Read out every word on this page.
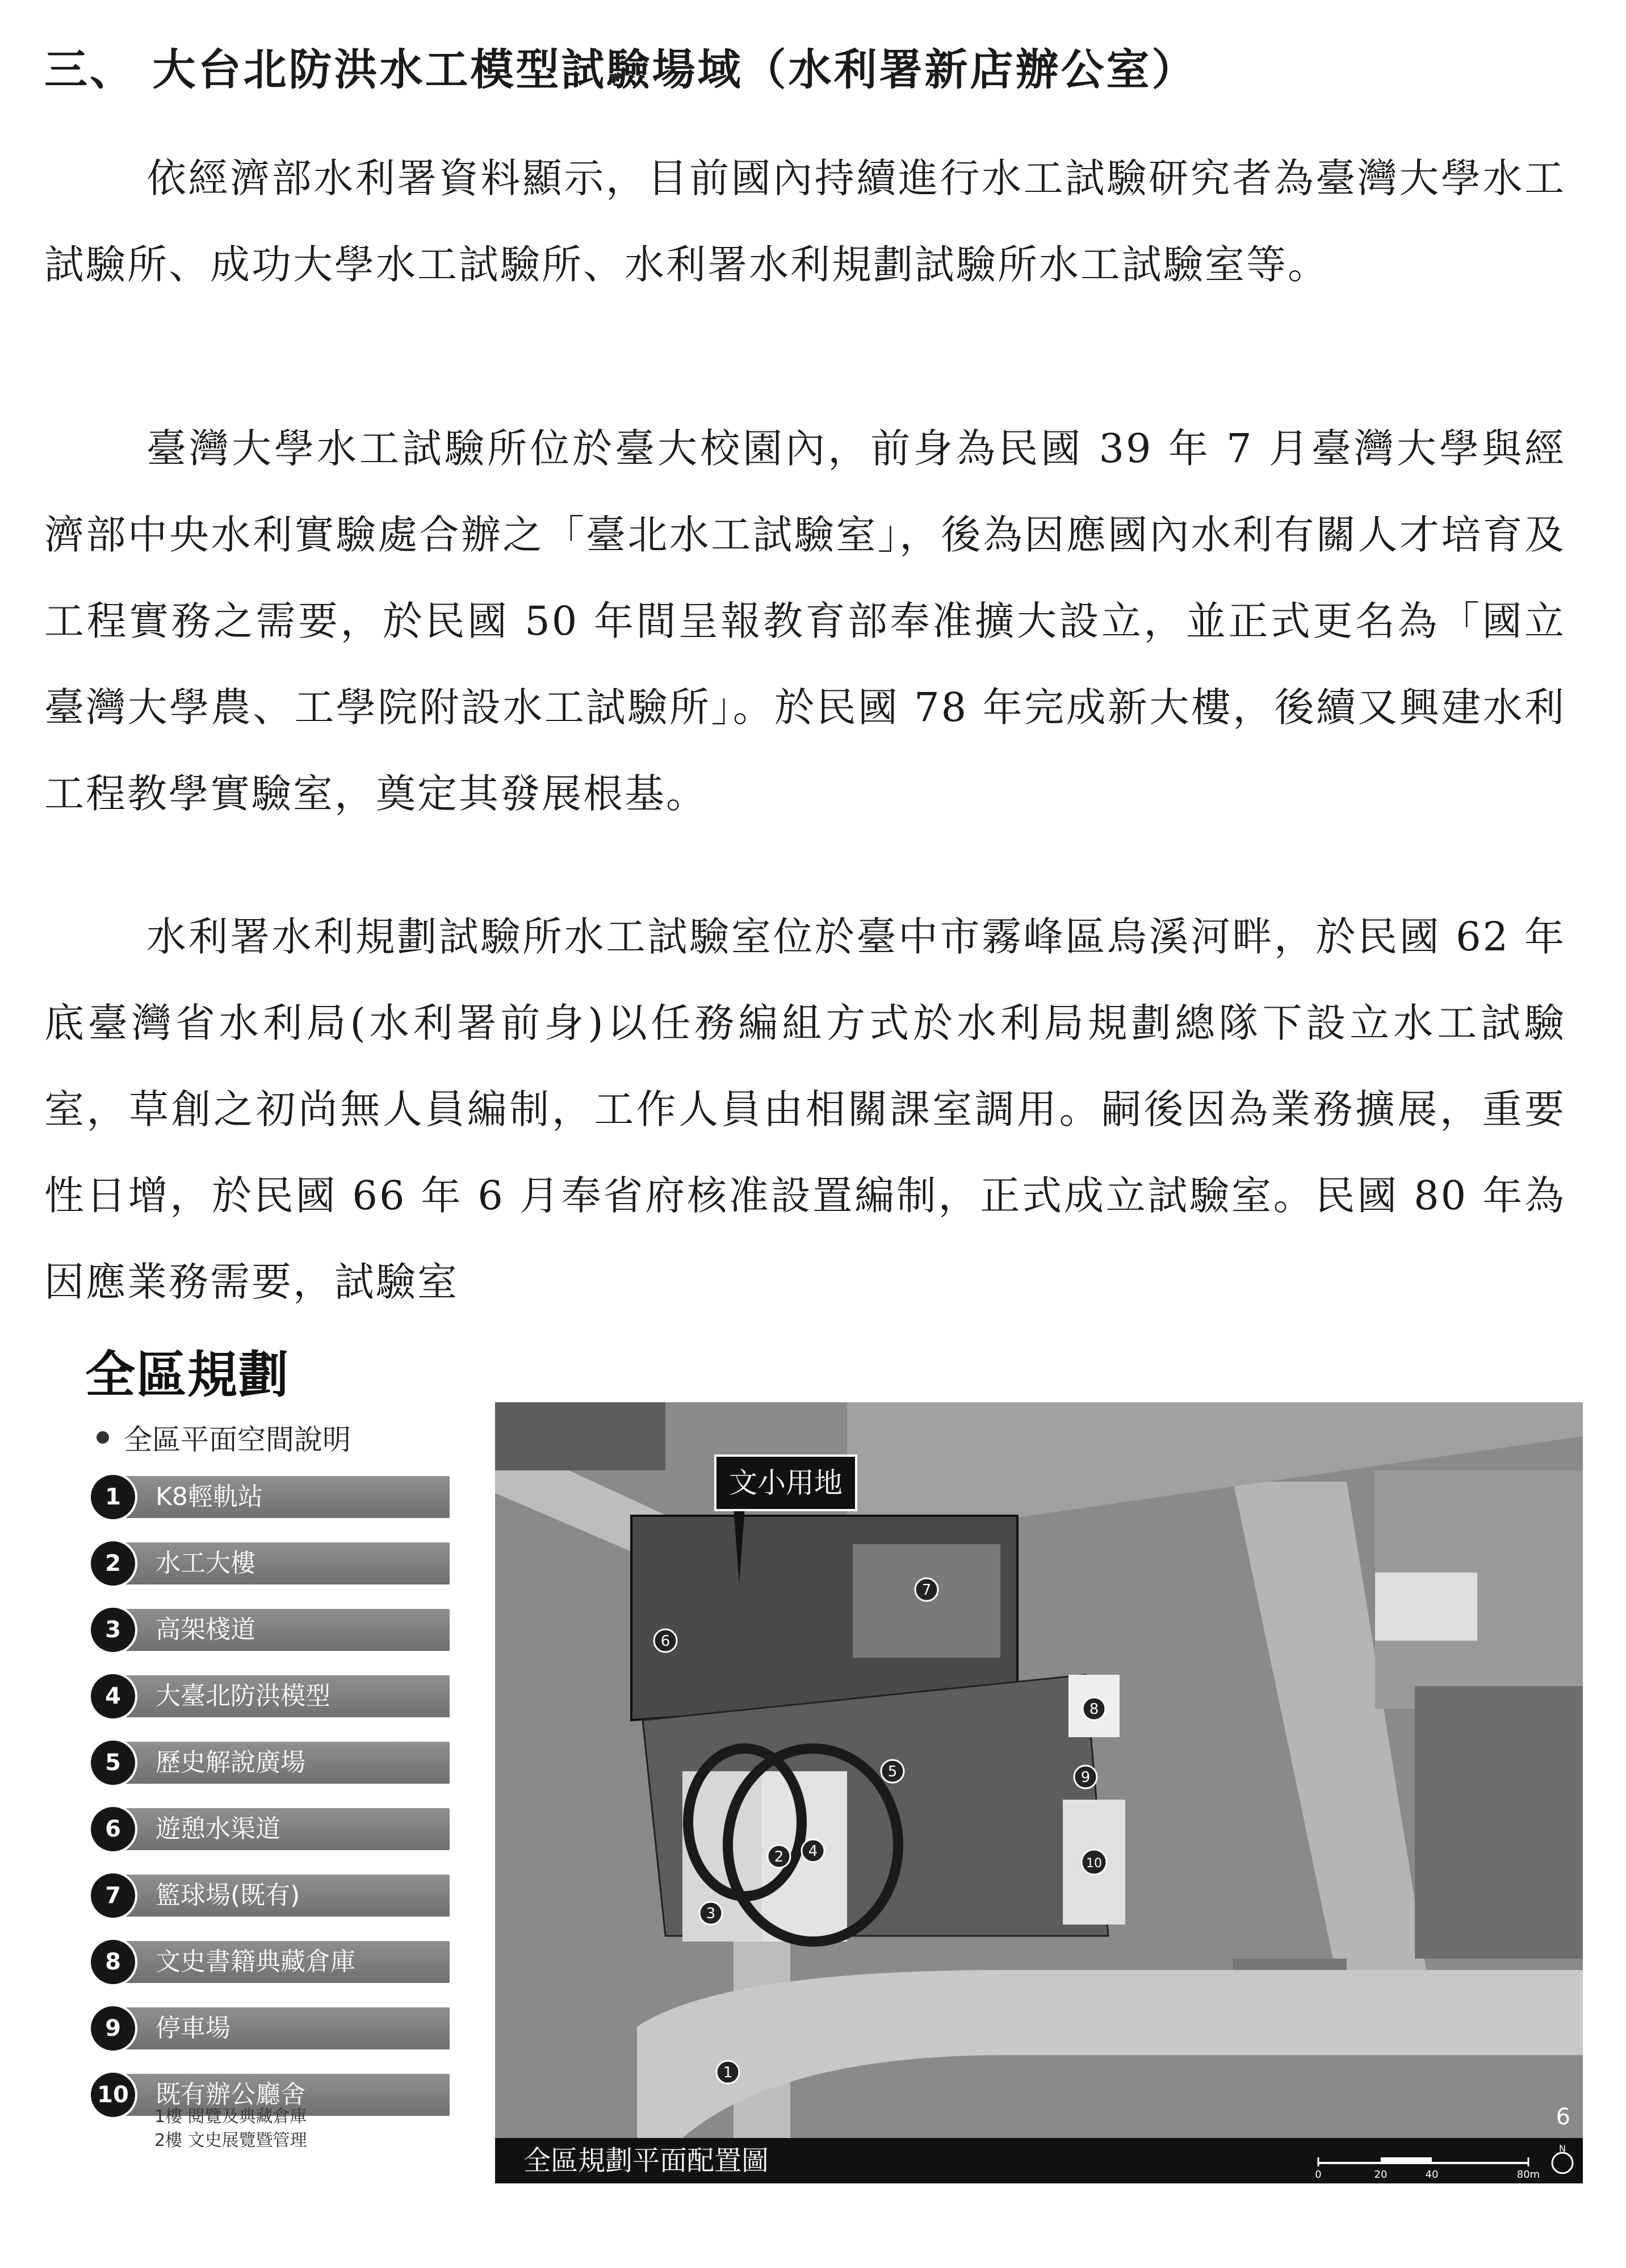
三、 大台北防洪水工模型試驗場域（水利署新店辦公室）

依經濟部水利署資料顯示，目前國內持續進行水工試驗研究者為臺灣大學水工試驗所、成功大學水工試驗所、水利署水利規劃試驗所水工試驗室等。

臺灣大學水工試驗所位於臺大校園內，前身為民國 39 年 7 月臺灣大學與經濟部中央水利實驗處合辦之「臺北水工試驗室」，後為因應國內水利有關人才培育及工程實務之需要，於民國 50 年間呈報教育部奉准擴大設立，並正式更名為「國立臺灣大學農、工學院附設水工試驗所」。於民國 78 年完成新大樓，後續又興建水利工程教學實驗室，奠定其發展根基。

水利署水利規劃試驗所水工試驗室位於臺中市霧峰區烏溪河畔，於民國 62 年底臺灣省水利局(水利署前身)以任務編組方式於水利局規劃總隊下設立水工試驗室，草創之初尚無人員編制，工作人員由相關課室調用。嗣後因為業務擴展，重要性日增，於民國 66 年 6 月奉省府核准設置編制，正式成立試驗室。民國 80 年為因應業務需要，試驗室

全區規劃
全區平面空間說明
1	K8輕軌站
2	水工大樓
3	高架棧道
4	大臺北防洪模型
5	歷史解說廣場
6	遊憩水渠道
7	籃球場(既有)
8	文史書籍典藏倉庫
9	停車場
10	既有辦公廳舍
1樓 閱覽及典藏倉庫
2樓 文史展覽暨管理
1
2
3
4
5
6
7
8
9
10
文小用地
6
全區規劃平面配置圖	0	20	40	80m
N
